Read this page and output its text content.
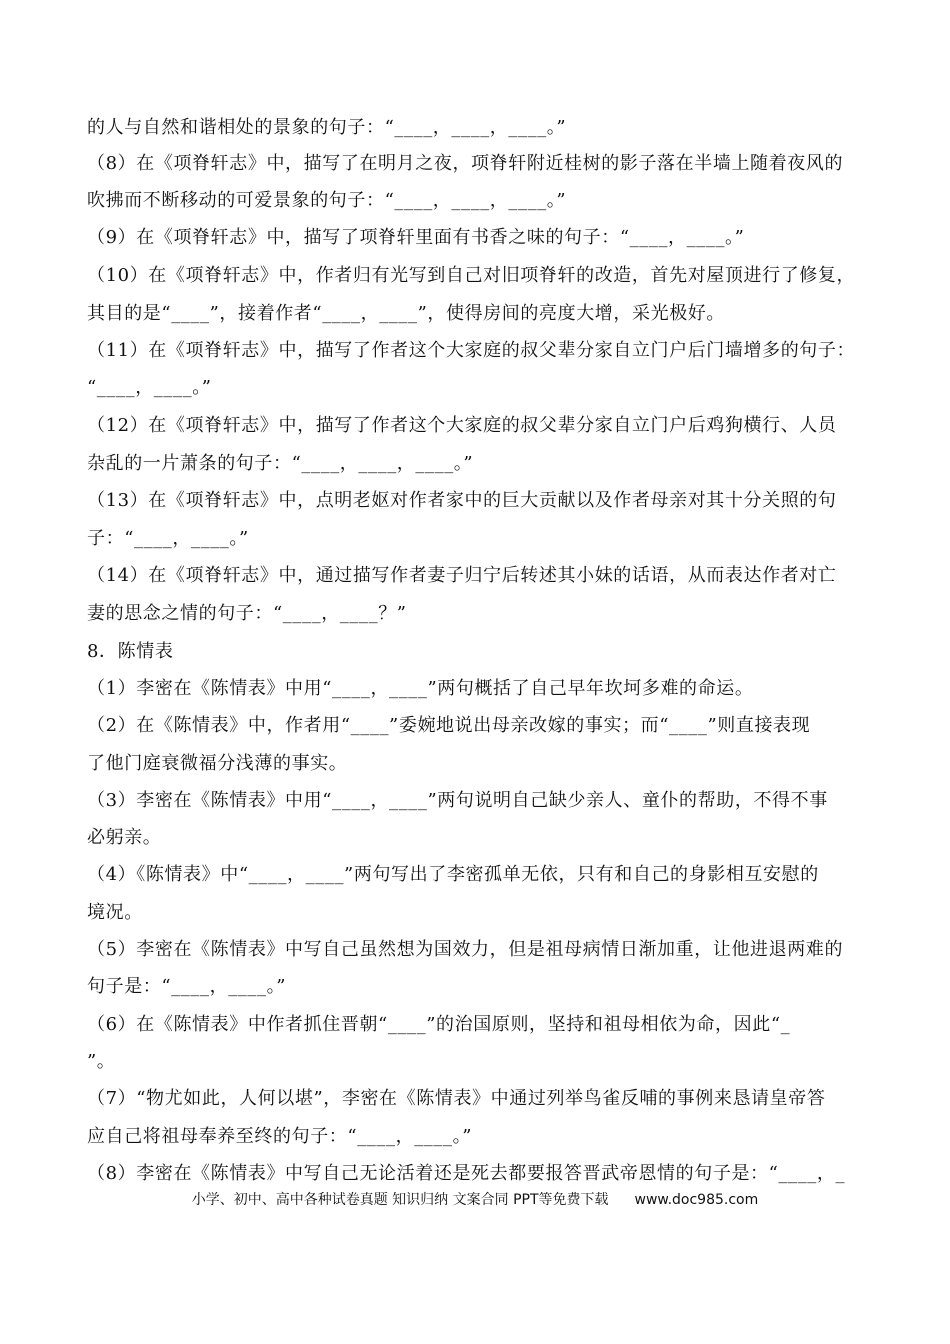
的人与自然和谐相处的景象的句子：“____，____，____。”
（8）在《项脊轩志》中，描写了在明月之夜，项脊轩附近桂树的影子落在半墙上随着夜风的
吹拂而不断移动的可爱景象的句子：“____，____，____。”
（9）在《项脊轩志》中，描写了项脊轩里面有书香之味的句子：“____，____。”
（10）在《项脊轩志》中，作者归有光写到自己对旧项脊轩的改造，首先对屋顶进行了修复，
其目的是“____”，接着作者“____，____”，使得房间的亮度大增，采光极好。
（11）在《项脊轩志》中，描写了作者这个大家庭的叔父辈分家自立门户后门墙增多的句子：
“____，____。”
（12）在《项脊轩志》中，描写了作者这个大家庭的叔父辈分家自立门户后鸡狗横行、人员
杂乱的一片萧条的句子：“____，____，____。”
（13）在《项脊轩志》中，点明老妪对作者家中的巨大贡献以及作者母亲对其十分关照的句
子：“____，____。”
（14）在《项脊轩志》中，通过描写作者妻子归宁后转述其小妹的话语，从而表达作者对亡
妻的思念之情的句子：“____，____？”
8．陈情表
（1）李密在《陈情表》中用“____，____”两句概括了自己早年坎坷多难的命运。
（2）在《陈情表》中，作者用“____”委婉地说出母亲改嫁的事实；而“____”则直接表现
了他门庭衰微福分浅薄的事实。
（3）李密在《陈情表》中用“____，____”两句说明自己缺少亲人、童仆的帮助，不得不事
必躬亲。
（4）《陈情表》中“____，____”两句写出了李密孤单无依，只有和自己的身影相互安慰的
境况。
（5）李密在《陈情表》中写自己虽然想为国效力，但是祖母病情日渐加重，让他进退两难的
句子是：“____，____。”
（6）在《陈情表》中作者抓住晋朝“____”的治国原则，坚持和祖母相依为命，因此“_
”。
（7）“物尤如此，人何以堪”，李密在《陈情表》中通过列举鸟雀反哺的事例来恳请皇帝答
应自己将祖母奉养至终的句子：“____，____。”
（8）李密在《陈情表》中写自己无论活着还是死去都要报答晋武帝恩情的句子是：“____，_
小学、初中、高中各种试卷真题 知识归纳 文案合同 PPT等免费下载 www.doc985.com
